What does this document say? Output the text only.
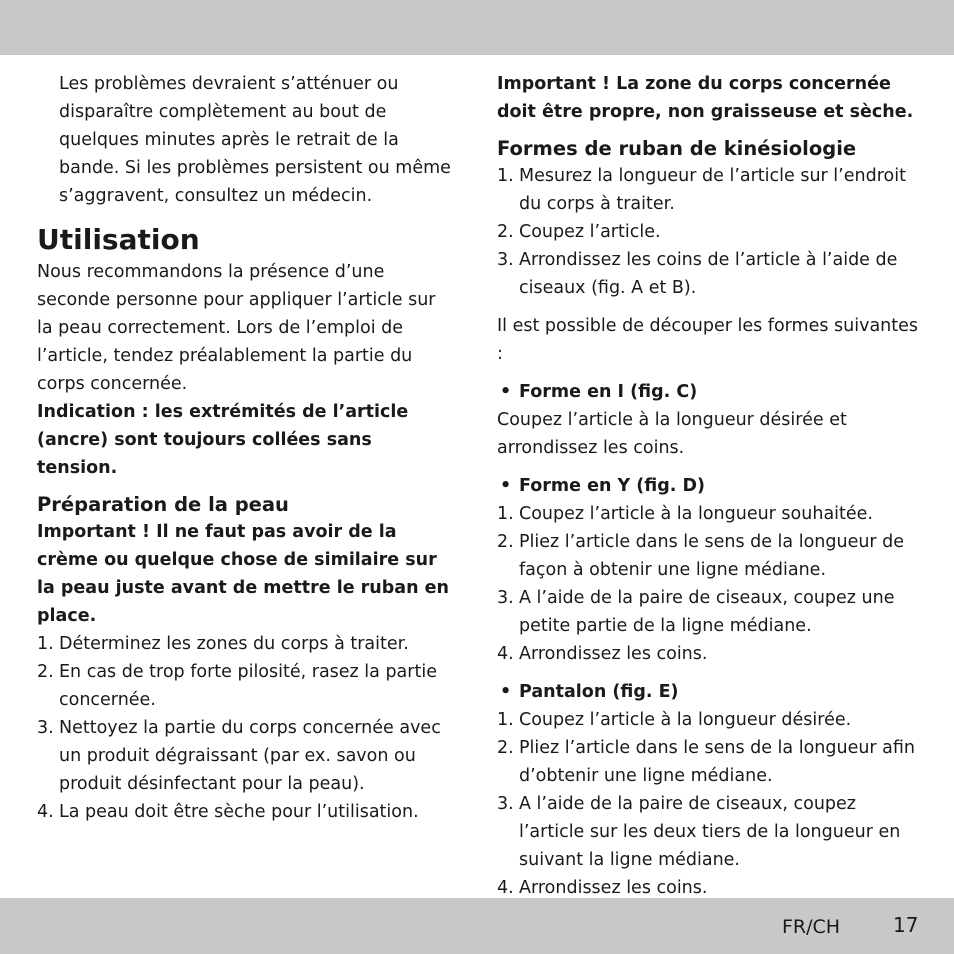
Les problèmes devraient s’atténuer ou disparaître complètement au bout de quelques minutes après le retrait de la bande. Si les problèmes persistent ou même s’aggravent, consultez un médecin.

Utilisation

Nous recommandons la présence d’une seconde personne pour appliquer l’article sur la peau correctement. Lors de l’emploi de l’article, tendez préalablement la partie du corps concernée.

Indication : les extrémités de l’article (ancre) sont toujours collées sans tension.

Préparation de la peau

Important ! Il ne faut pas avoir de la crème ou quelque chose de similaire sur la peau juste avant de mettre le ruban en place.

1. Déterminez les zones du corps à traiter.
2. En cas de trop forte pilosité, rasez la partie concernée.
3. Nettoyez la partie du corps concernée avec un produit dégraissant (par ex. savon ou produit désinfectant pour la peau).
4. La peau doit être sèche pour l’utilisation.

Important ! La zone du corps concernée doit être propre, non graisseuse et sèche.

Formes de ruban de kinésiologie
1. Mesurez la longueur de l’article sur l’endroit du corps à traiter.
2. Coupez l’article.
3. Arrondissez les coins de l’article à l’aide de ciseaux (fig. A et B).

Il est possible de découper les formes suivantes :

• Forme en I (fig. C)

Coupez l’article à la longueur désirée et arrondissez les coins.

• Forme en Y (fig. D)
1. Coupez l’article à la longueur souhaitée.
2. Pliez l’article dans le sens de la longueur de façon à obtenir une ligne médiane.
3. A l’aide de la paire de ciseaux, coupez une petite partie de la ligne médiane.
4. Arrondissez les coins.
• Pantalon (fig. E)
1. Coupez l’article à la longueur désirée.
2. Pliez l’article dans le sens de la longueur afin d’obtenir une ligne médiane.
3. A l’aide de la paire de ciseaux, coupez l’article sur les deux tiers de la longueur en suivant la ligne médiane.
4. Arrondissez les coins.
FR/CH	17
